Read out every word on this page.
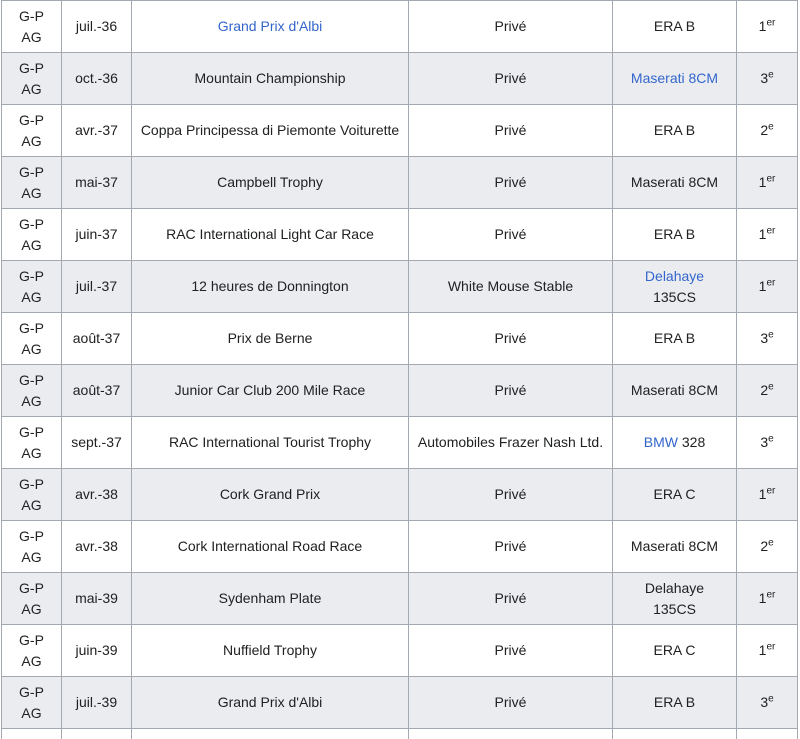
G-P
AG	juil.-36	Grand Prix d'Albi	Privé	ERA B	1er
G-P
AG	oct.-36	Mountain Championship	Privé	Maserati 8CM	3e
G-P
AG	avr.-37	Coppa Principessa di Piemonte Voiturette	Privé	ERA B	2e
G-P
AG	mai-37	Campbell Trophy	Privé	Maserati 8CM	1er
G-P
AG	juin-37	RAC International Light Car Race	Privé	ERA B	1er
G-P
AG	juil.-37	12 heures de Donnington	White Mouse Stable	Delahaye
135CS	1er
G-P
AG	août-37	Prix de Berne	Privé	ERA B	3e
G-P
AG	août-37	Junior Car Club 200 Mile Race	Privé	Maserati 8CM	2e
G-P
AG	sept.-37	RAC International Tourist Trophy	Automobiles Frazer Nash Ltd.	BMW 328	3e
G-P
AG	avr.-38	Cork Grand Prix	Privé	ERA C	1er
G-P
AG	avr.-38	Cork International Road Race	Privé	Maserati 8CM	2e
G-P
AG	mai-39	Sydenham Plate	Privé	Delahaye
135CS	1er
G-P
AG	juin-39	Nuffield Trophy	Privé	ERA C	1er
G-P
AG	juil.-39	Grand Prix d'Albi	Privé	ERA B	3e
